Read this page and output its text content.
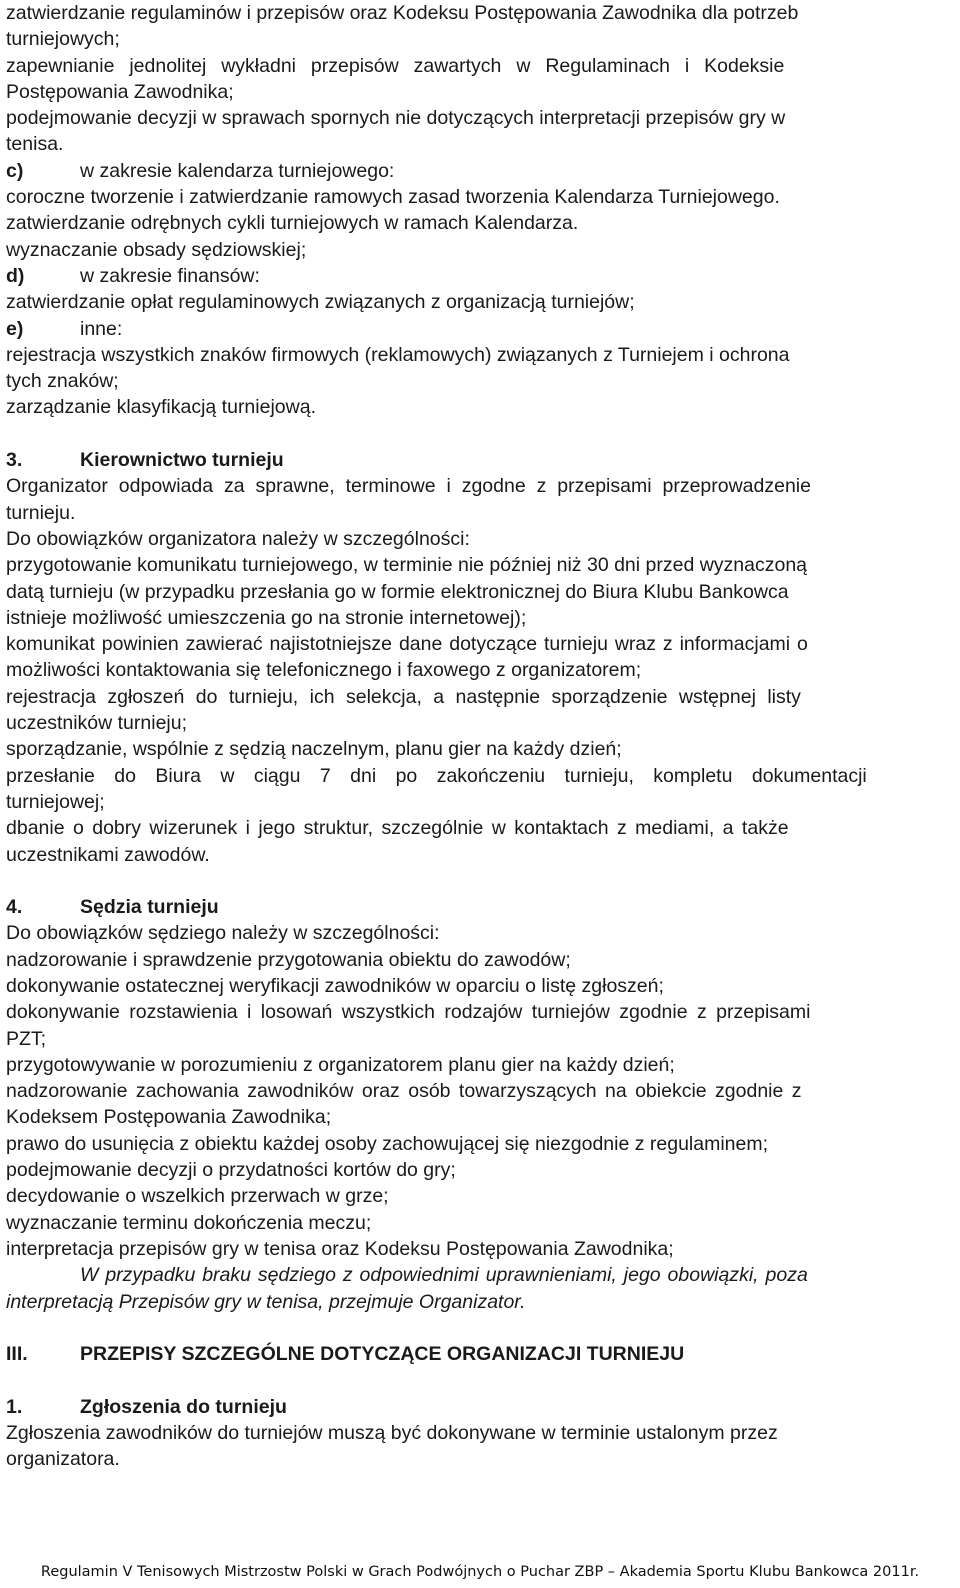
zatwierdzanie regulaminów i przepisów oraz Kodeksu Postępowania Zawodnika dla potrzeb
turniejowych;
zapewnianie jednolitej wykładni przepisów zawartych w Regulaminach i Kodeksie
Postępowania Zawodnika;
podejmowanie decyzji w sprawach spornych nie dotyczących interpretacji przepisów gry w
tenisa.
c)	w zakresie kalendarza turniejowego:
coroczne tworzenie i zatwierdzanie ramowych zasad tworzenia Kalendarza Turniejowego.
zatwierdzanie odrębnych cykli turniejowych w ramach Kalendarza.
wyznaczanie obsady sędziowskiej;
d)	w zakresie finansów:
zatwierdzanie opłat regulaminowych związanych z organizacją turniejów;
e)	inne:
rejestracja wszystkich znaków firmowych (reklamowych) związanych z Turniejem i ochrona
tych znaków;
zarządzanie klasyfikacją turniejową.
3.	Kierownictwo turnieju
Organizator odpowiada za sprawne, terminowe i zgodne z przepisami przeprowadzenie
turnieju.
Do obowiązków organizatora należy w szczególności:
przygotowanie komunikatu turniejowego, w terminie nie później niż 30 dni przed wyznaczoną
datą turnieju (w przypadku przesłania go w formie elektronicznej do Biura Klubu Bankowca
istnieje możliwość umieszczenia go na stronie internetowej);
komunikat powinien zawierać najistotniejsze dane dotyczące turnieju wraz z informacjami o
możliwości kontaktowania się telefonicznego i faxowego z organizatorem;
rejestracja zgłoszeń do turnieju, ich selekcja, a następnie sporządzenie wstępnej listy
uczestników turnieju;
sporządzanie, wspólnie z sędzią naczelnym, planu gier na każdy dzień;
przesłanie do Biura w ciągu 7 dni po zakończeniu turnieju, kompletu dokumentacji
turniejowej;
dbanie o dobry wizerunek i jego struktur, szczególnie w kontaktach z mediami, a także
uczestnikami zawodów.
4.	Sędzia turnieju
Do obowiązków sędziego należy w szczególności:
nadzorowanie i sprawdzenie przygotowania obiektu do zawodów;
dokonywanie ostatecznej weryfikacji zawodników w oparciu o listę zgłoszeń;
dokonywanie rozstawienia i losowań wszystkich rodzajów turniejów zgodnie z przepisami
PZT;
przygotowywanie w porozumieniu z organizatorem planu gier na każdy dzień;
nadzorowanie zachowania zawodników oraz osób towarzyszących na obiekcie zgodnie z
Kodeksem Postępowania Zawodnika;
prawo do usunięcia z obiektu każdej osoby zachowującej się niezgodnie z regulaminem;
podejmowanie decyzji o przydatności kortów do gry;
decydowanie o wszelkich przerwach w grze;
wyznaczanie terminu dokończenia meczu;
interpretacja przepisów gry w tenisa oraz Kodeksu Postępowania Zawodnika;
W przypadku braku sędziego z odpowiednimi uprawnieniami, jego obowiązki, poza
interpretacją Przepisów gry w tenisa, przejmuje Organizator.
III.	PRZEPISY SZCZEGÓLNE DOTYCZĄCE ORGANIZACJI TURNIEJU
1.	Zgłoszenia do turnieju
Zgłoszenia zawodników do turniejów muszą być dokonywane w terminie ustalonym przez
organizatora.
Regulamin V Tenisowych Mistrzostw Polski w Grach Podwójnych o Puchar ZBP – Akademia Sportu Klubu Bankowca 2011r.
